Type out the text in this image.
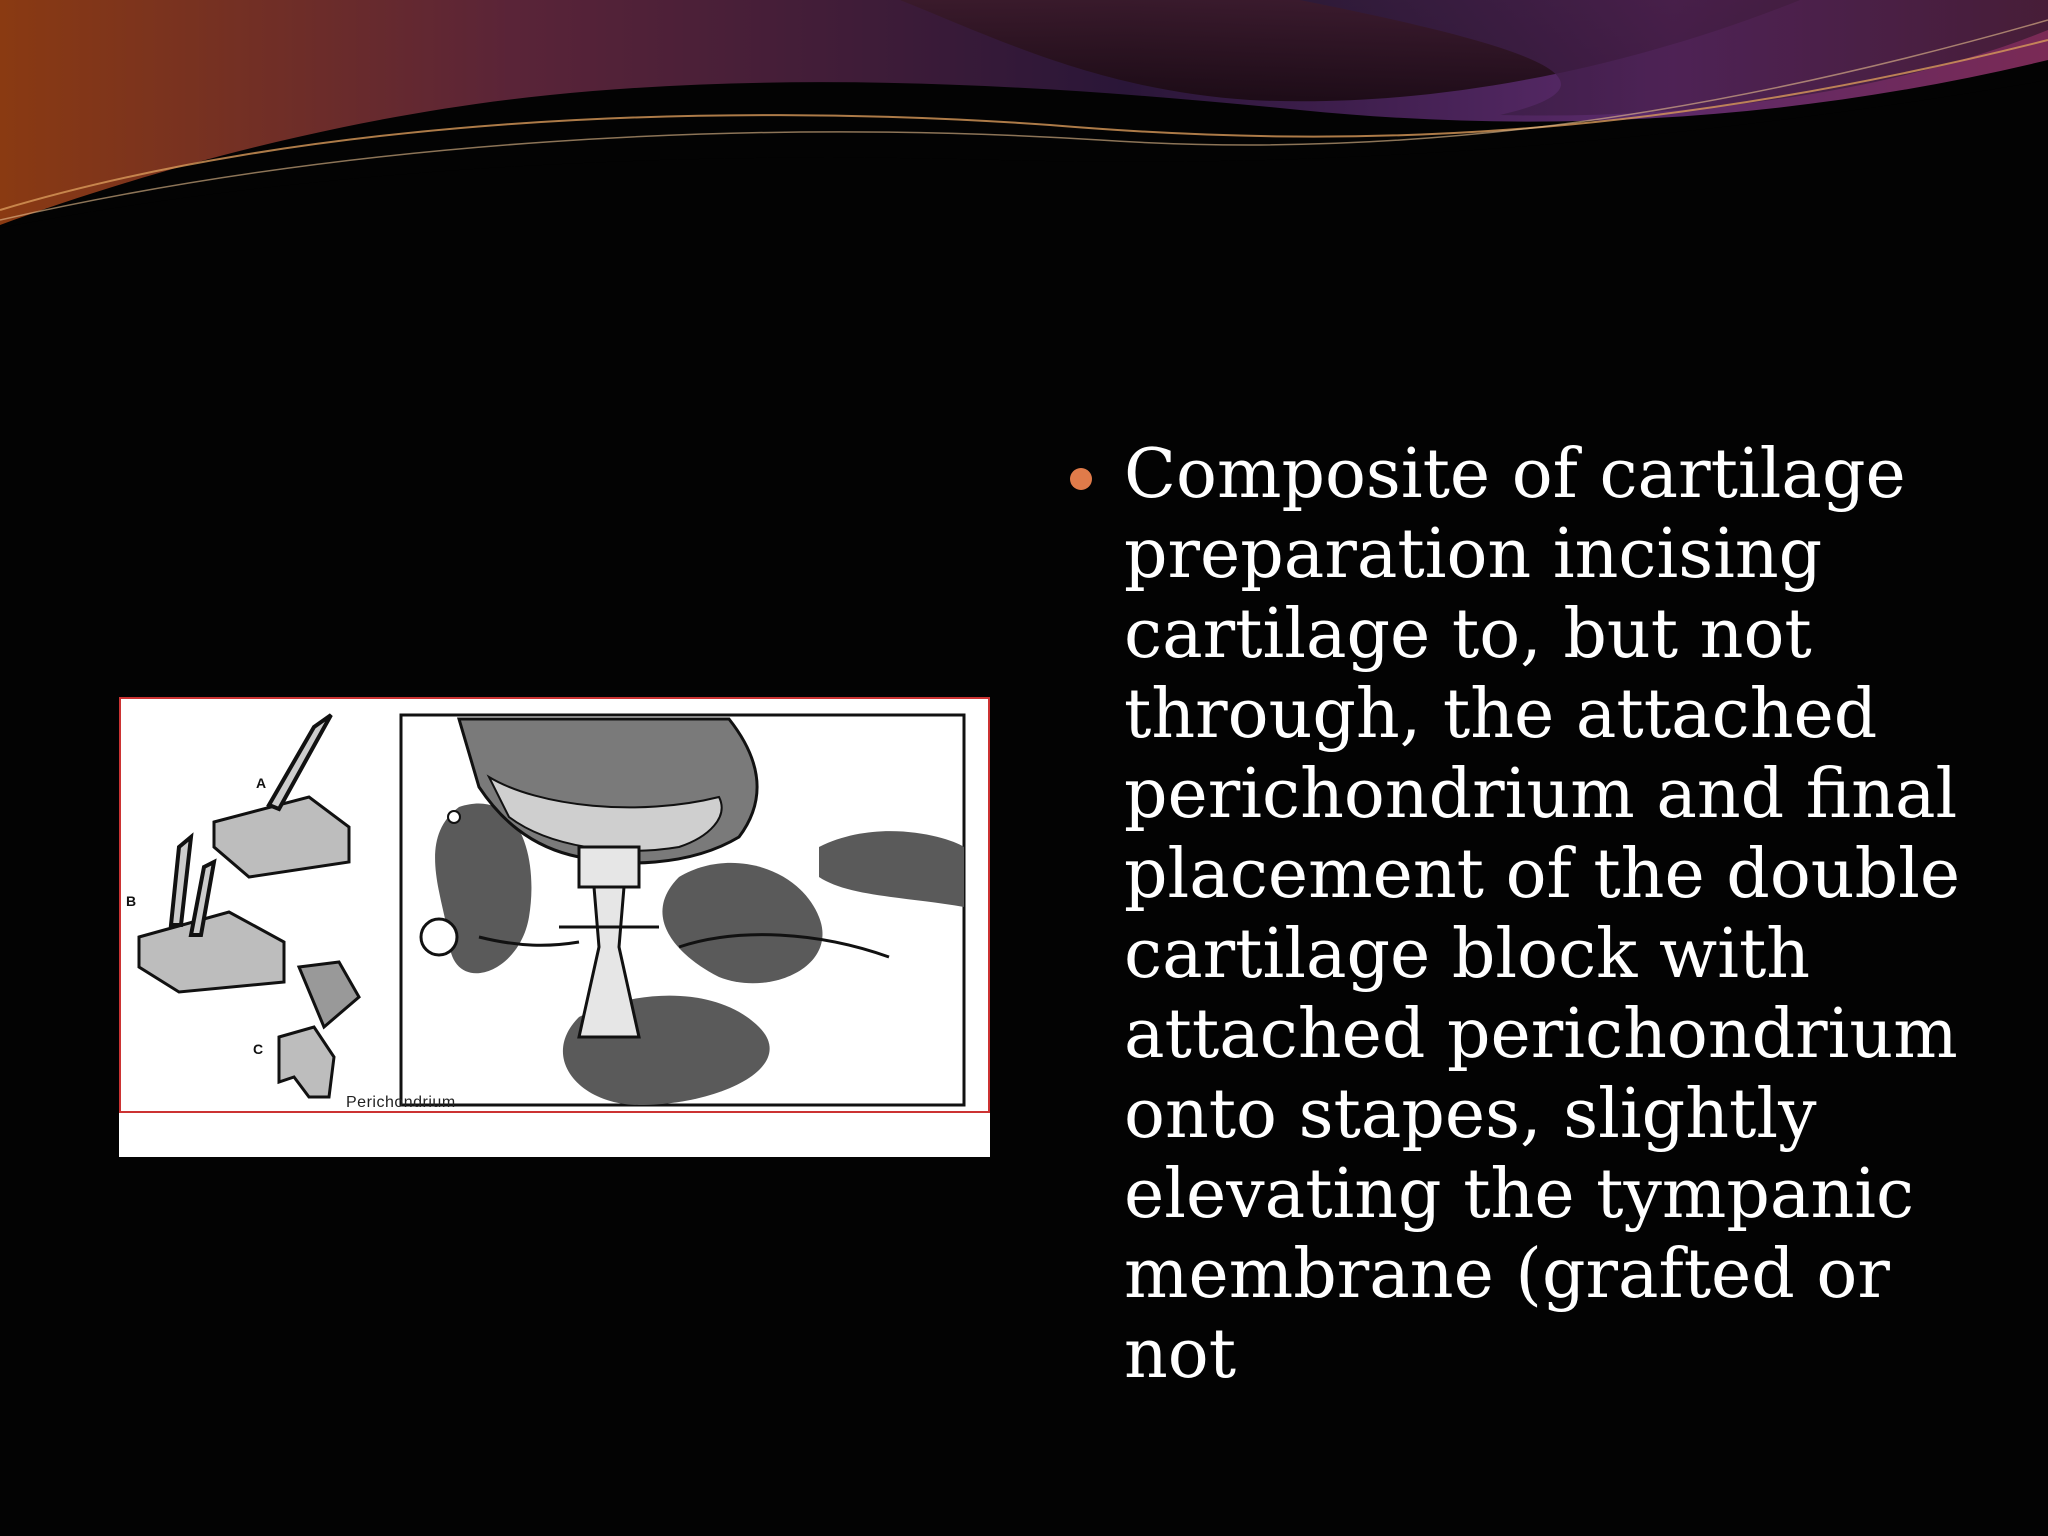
A
B
C
Perichondrium

Composite of cartilage
preparation incising
cartilage to, but not
through, the attached
perichondrium and final
placement of the double
cartilage block with
attached perichondrium
onto stapes, slightly
elevating the tympanic
membrane (grafted or
not
